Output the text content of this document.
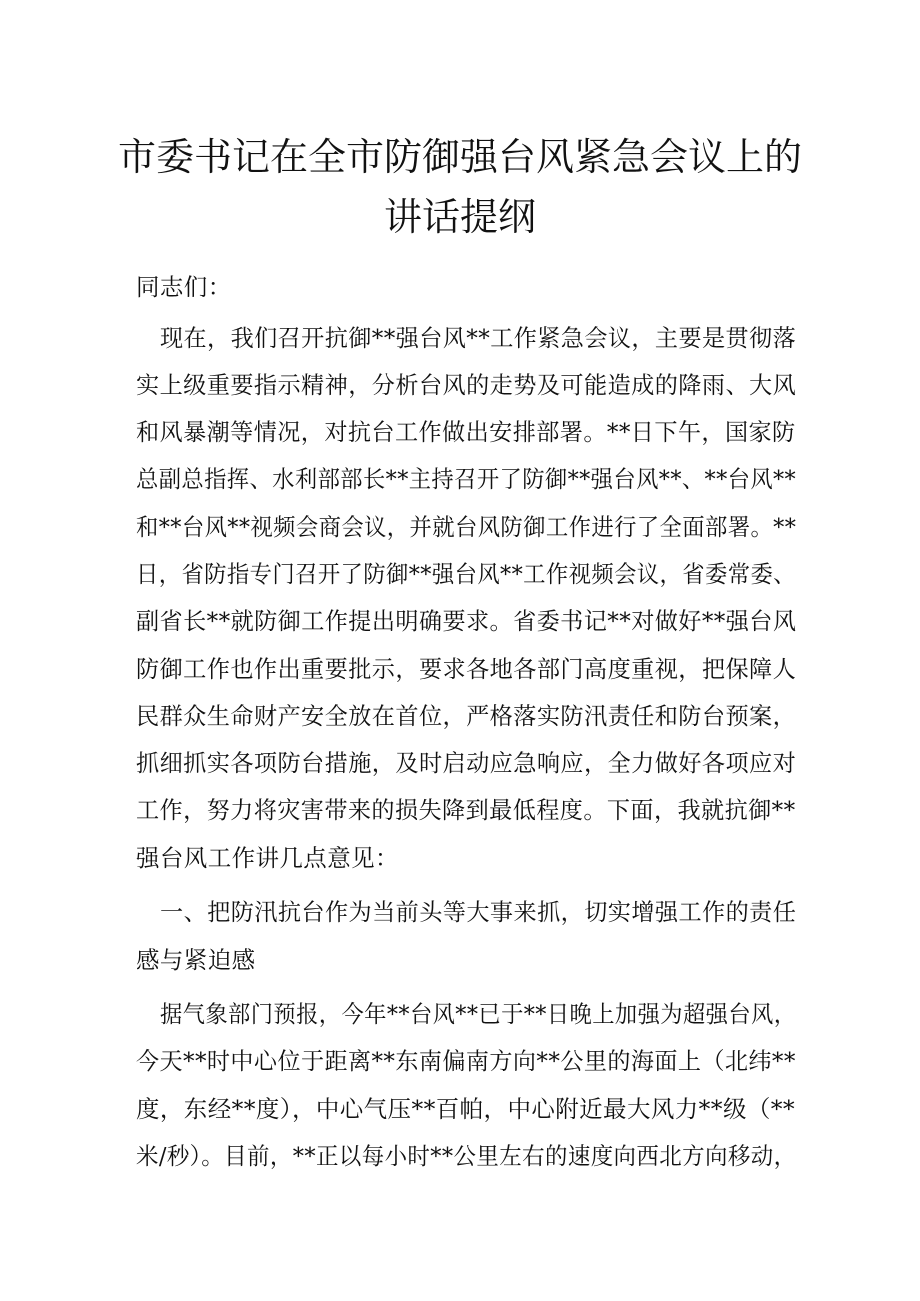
市委书记在全市防御强台风紧急会议上的
讲话提纲
同志们：
现在，我们召开抗御**强台风**工作紧急会议，主要是贯彻落
实上级重要指示精神，分析台风的走势及可能造成的降雨、大风
和风暴潮等情况，对抗台工作做出安排部署。**日下午，国家防
总副总指挥、水利部部长**主持召开了防御**强台风**、**台风**
和**台风**视频会商会议，并就台风防御工作进行了全面部署。**
日，省防指专门召开了防御**强台风**工作视频会议，省委常委、
副省长**就防御工作提出明确要求。省委书记**对做好**强台风
防御工作也作出重要批示，要求各地各部门高度重视，把保障人
民群众生命财产安全放在首位，严格落实防汛责任和防台预案，
抓细抓实各项防台措施，及时启动应急响应，全力做好各项应对
工作，努力将灾害带来的损失降到最低程度。下面，我就抗御**
强台风工作讲几点意见：
一、把防汛抗台作为当前头等大事来抓，切实增强工作的责任
感与紧迫感
据气象部门预报，今年**台风**已于**日晚上加强为超强台风，
今天**时中心位于距离**东南偏南方向**公里的海面上（北纬**
度，东经**度），中心气压**百帕，中心附近最大风力**级（**
米/秒）。目前，**正以每小时**公里左右的速度向西北方向移动，
